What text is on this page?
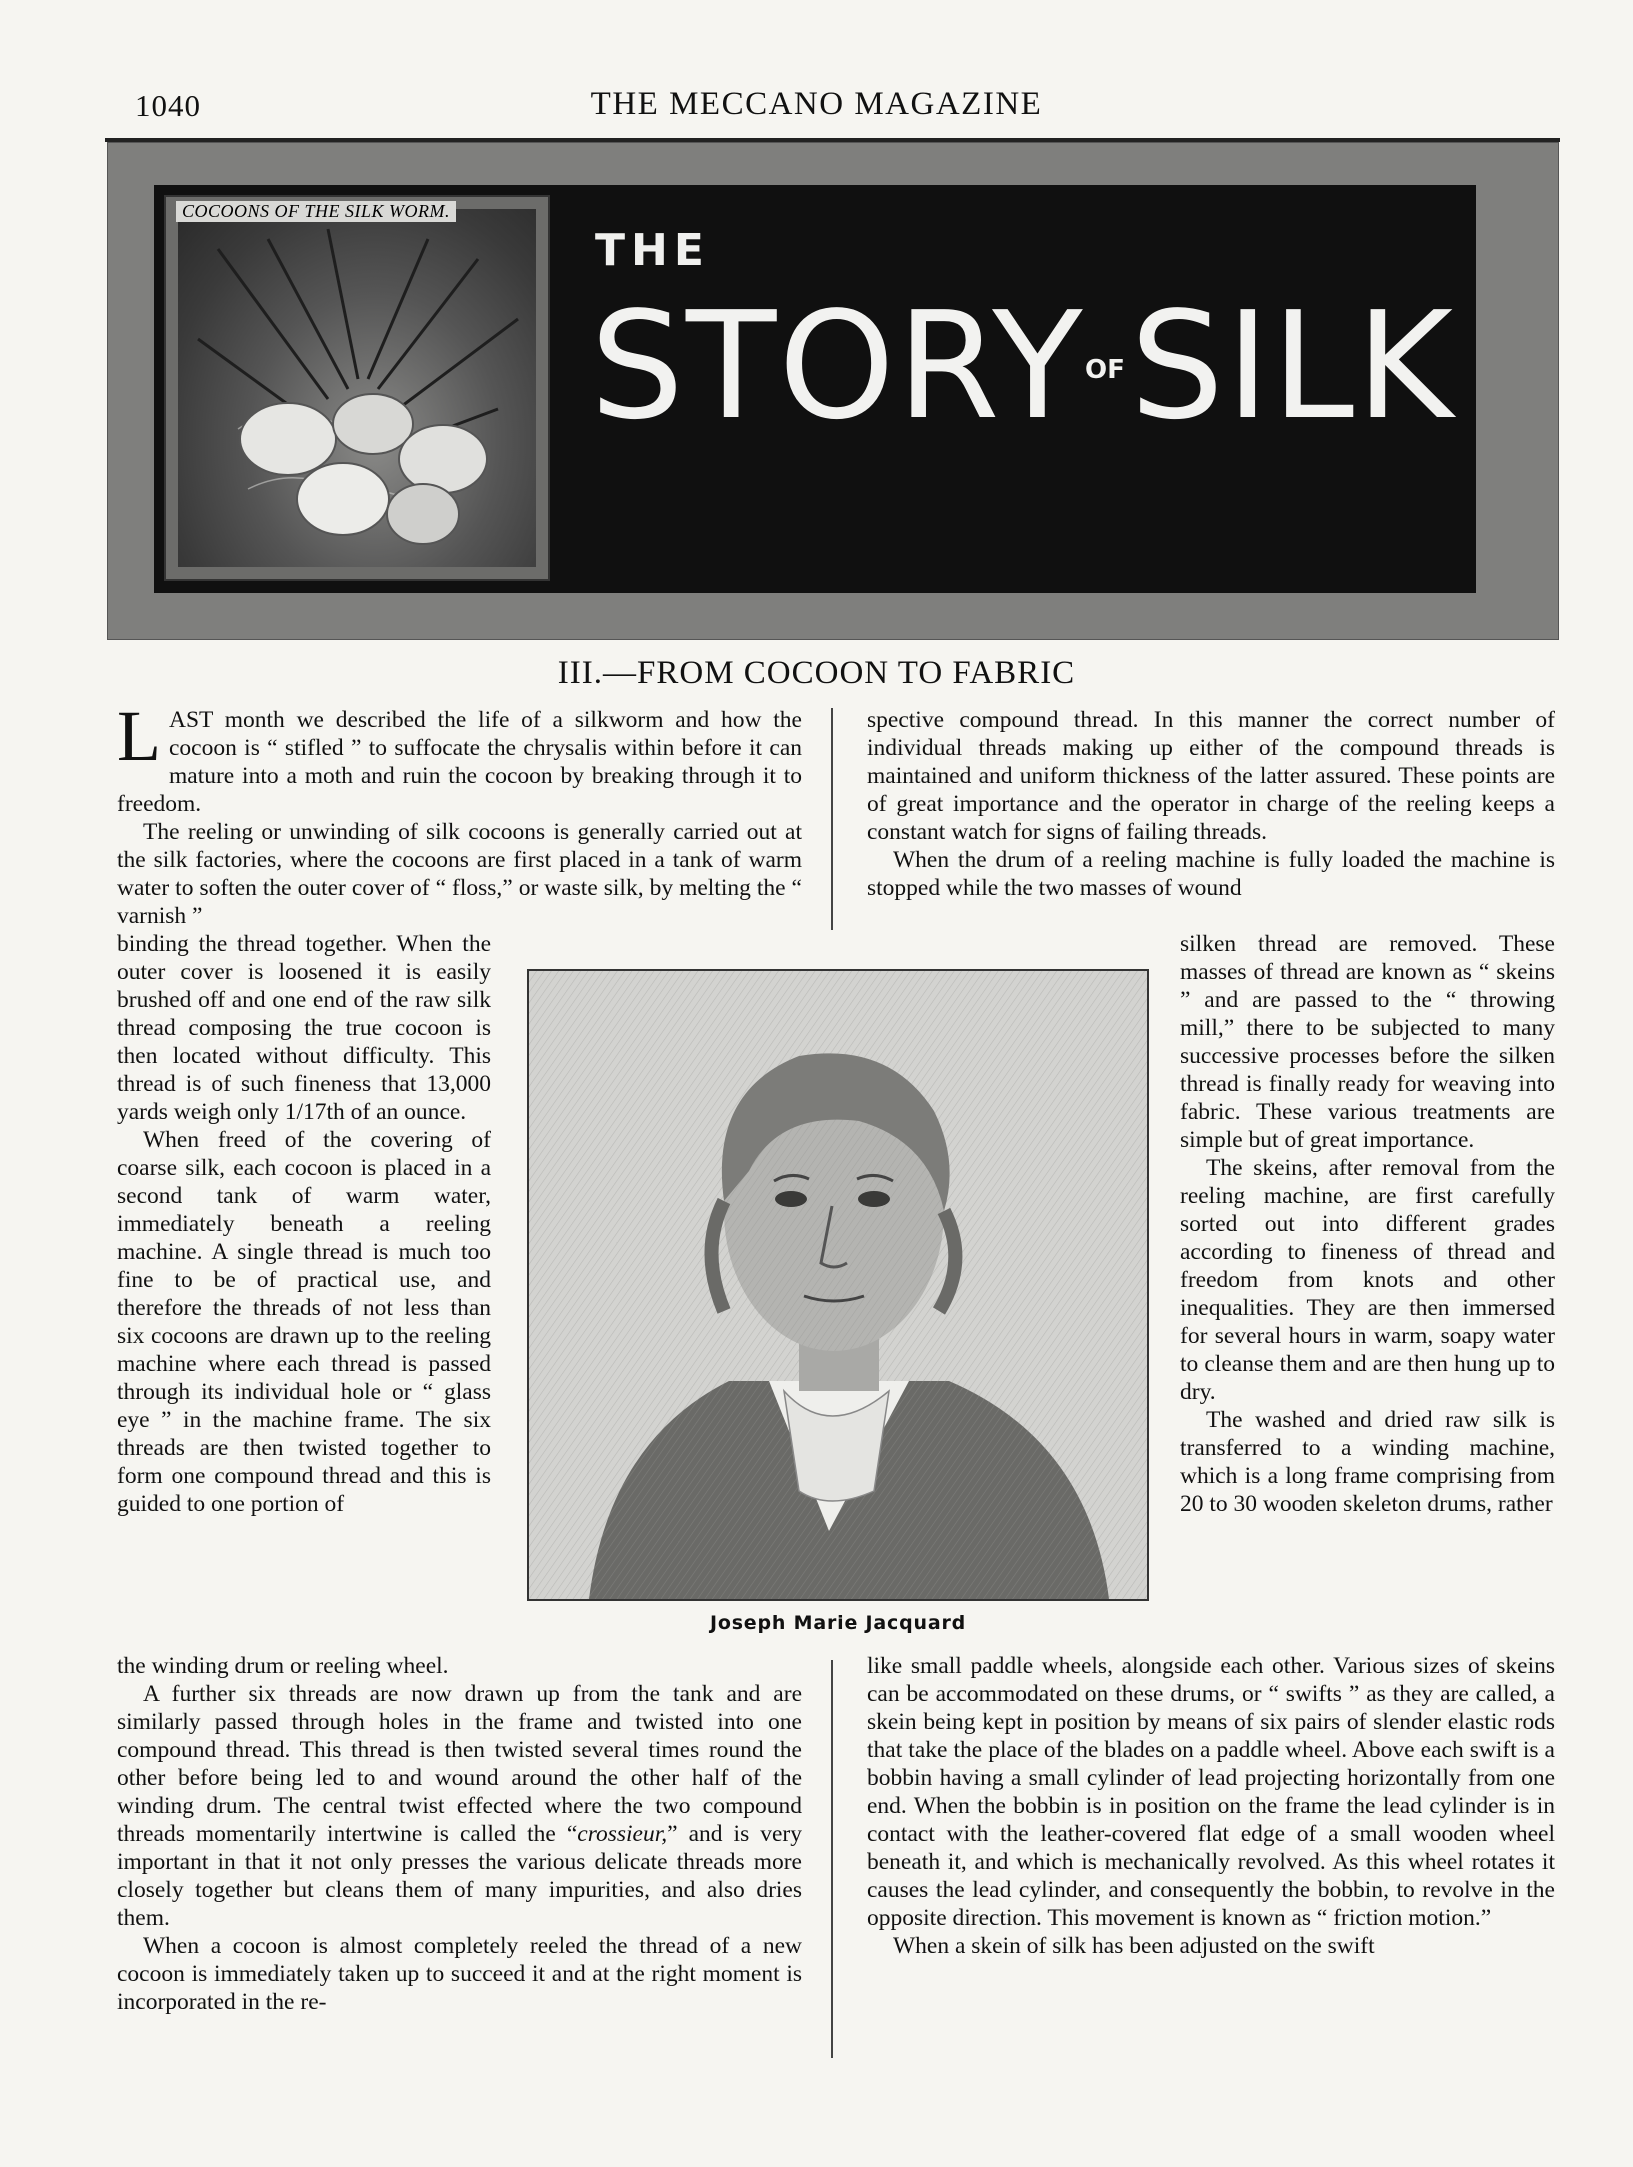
1040	THE MECCANO MAGAZINE
COCOONS OF THE SILK WORM.
THE
STORY OF SILK
III.—FROM COCOON TO FABRIC

LAST month we described the life of a silkworm and how the cocoon is “ stifled ” to suffocate the chrysalis within before it can mature into a moth and ruin the cocoon by breaking through it to freedom.

The reeling or unwinding of silk cocoons is generally carried out at the silk factories, where the cocoons are first placed in a tank of warm water to soften the outer cover of “ floss,” or waste silk, by melting the “ varnish ”

binding the thread together. When the outer cover is loosened it is easily brushed off and one end of the raw silk thread composing the true cocoon is then located without difficulty. This thread is of such fineness that 13,000 yards weigh only 1/17th of an ounce.

When freed of the covering of coarse silk, each cocoon is placed in a second tank of warm water, immediately beneath a reeling machine. A single thread is much too fine to be of practical use, and therefore the threads of not less than six cocoons are drawn up to the reeling machine where each thread is passed through its individual hole or “ glass eye ” in the machine frame. The six threads are then twisted together to form one compound thread and this is guided to one portion of

the winding drum or reeling wheel.

A further six threads are now drawn up from the tank and are similarly passed through holes in the frame and twisted into one compound thread. This thread is then twisted several times round the other before being led to and wound around the other half of the winding drum. The central twist effected where the two compound threads momentarily intertwine is called the “crossieur,” and is very important in that it not only presses the various delicate threads more closely together but cleans them of many impurities, and also dries them.

When a cocoon is almost completely reeled the thread of a new cocoon is immediately taken up to succeed it and at the right moment is incorporated in the re-

spective compound thread. In this manner the correct number of individual threads making up either of the compound threads is maintained and uniform thickness of the latter assured. These points are of great importance and the operator in charge of the reeling keeps a constant watch for signs of failing threads.

When the drum of a reeling machine is fully loaded the machine is stopped while the two masses of wound

silken thread are removed. These masses of thread are known as “ skeins ” and are passed to the “ throwing mill,” there to be subjected to many successive processes before the silken thread is finally ready for weaving into fabric. These various treatments are simple but of great importance.

The skeins, after removal from the reeling machine, are first carefully sorted out into different grades according to fineness of thread and freedom from knots and other inequalities. They are then immersed for several hours in warm, soapy water to cleanse them and are then hung up to dry.

The washed and dried raw silk is transferred to a winding machine, which is a long frame comprising from 20 to 30 wooden skeleton drums, rather

like small paddle wheels, alongside each other. Various sizes of skeins can be accommodated on these drums, or “ swifts ” as they are called, a skein being kept in position by means of six pairs of slender elastic rods that take the place of the blades on a paddle wheel. Above each swift is a bobbin having a small cylinder of lead projecting horizontally from one end. When the bobbin is in position on the frame the lead cylinder is in contact with the leather-covered flat edge of a small wooden wheel beneath it, and which is mechanically revolved. As this wheel rotates it causes the lead cylinder, and consequently the bobbin, to revolve in the opposite direction. This movement is known as “ friction motion.”

When a skein of silk has been adjusted on the swift

Joseph Marie Jacquard
